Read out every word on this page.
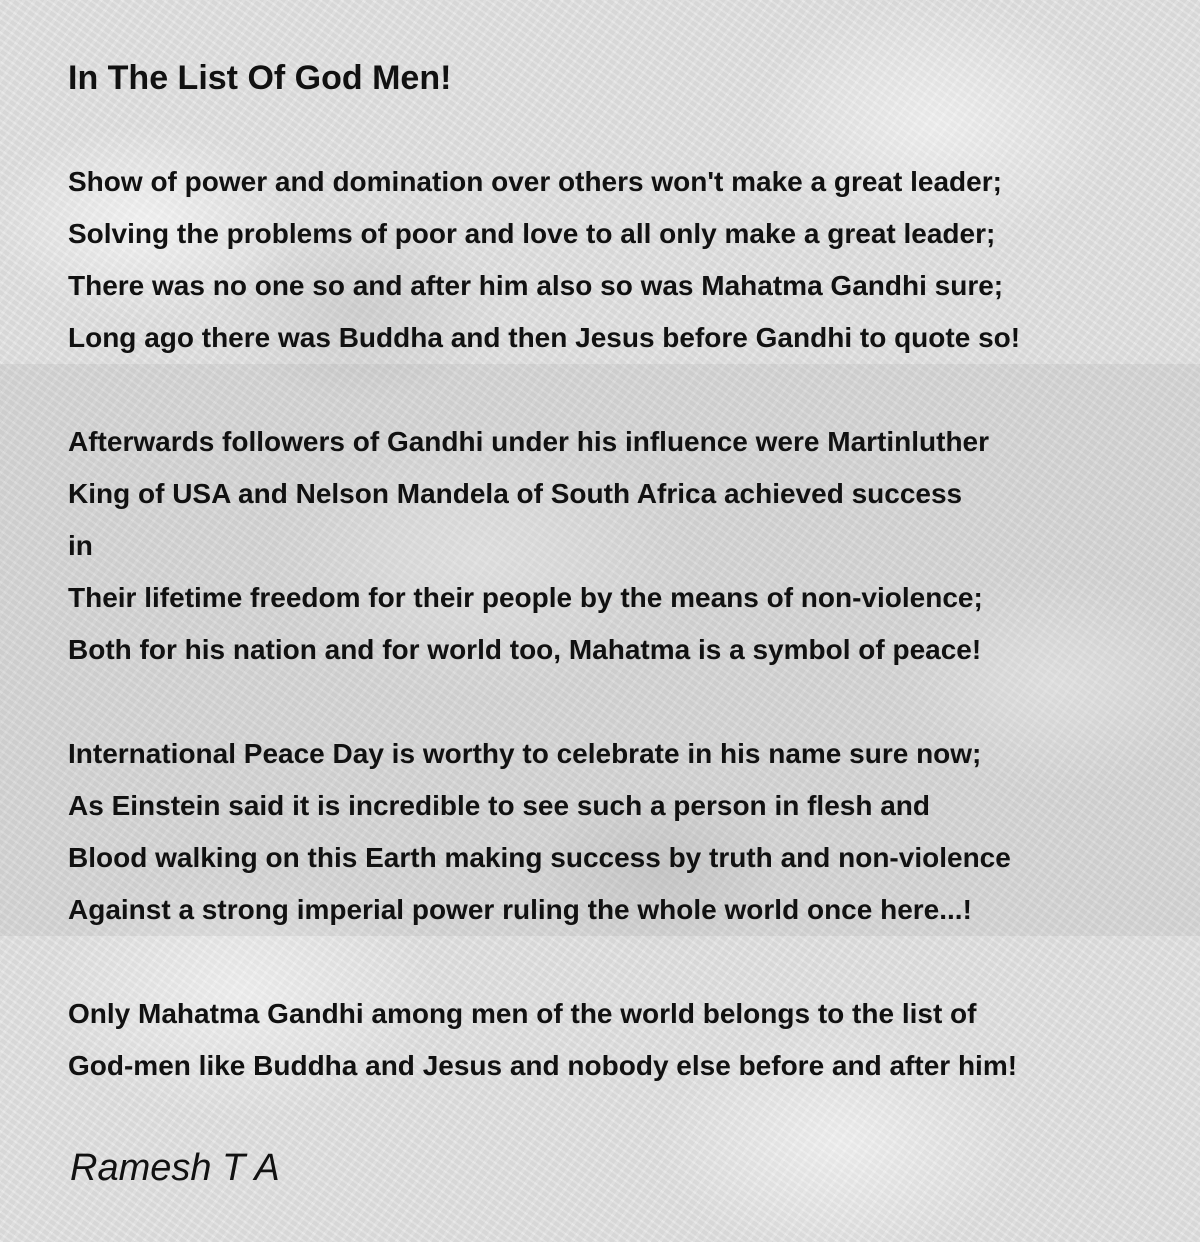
In The List Of God Men!
Show of power and domination over others won't make a great leader;
Solving the problems of poor and love to all only make a great leader;
There was no one so and after him also so was Mahatma Gandhi sure;
Long ago there was Buddha and then Jesus before Gandhi to quote so!
Afterwards followers of Gandhi under his influence were Martinluther
King of USA and Nelson Mandela of South Africa achieved success
in
Their lifetime freedom for their people by the means of non-violence;
Both for his nation and for world too, Mahatma is a symbol of peace!
International Peace Day is worthy to celebrate in his name sure now;
As Einstein said it is incredible to see such a person in flesh and
Blood walking on this Earth making success by truth and non-violence
Against a strong imperial power ruling the whole world once here...!
Only Mahatma Gandhi among men of the world belongs to the list of
God-men like Buddha and Jesus and nobody else before and after him!
Ramesh T A
